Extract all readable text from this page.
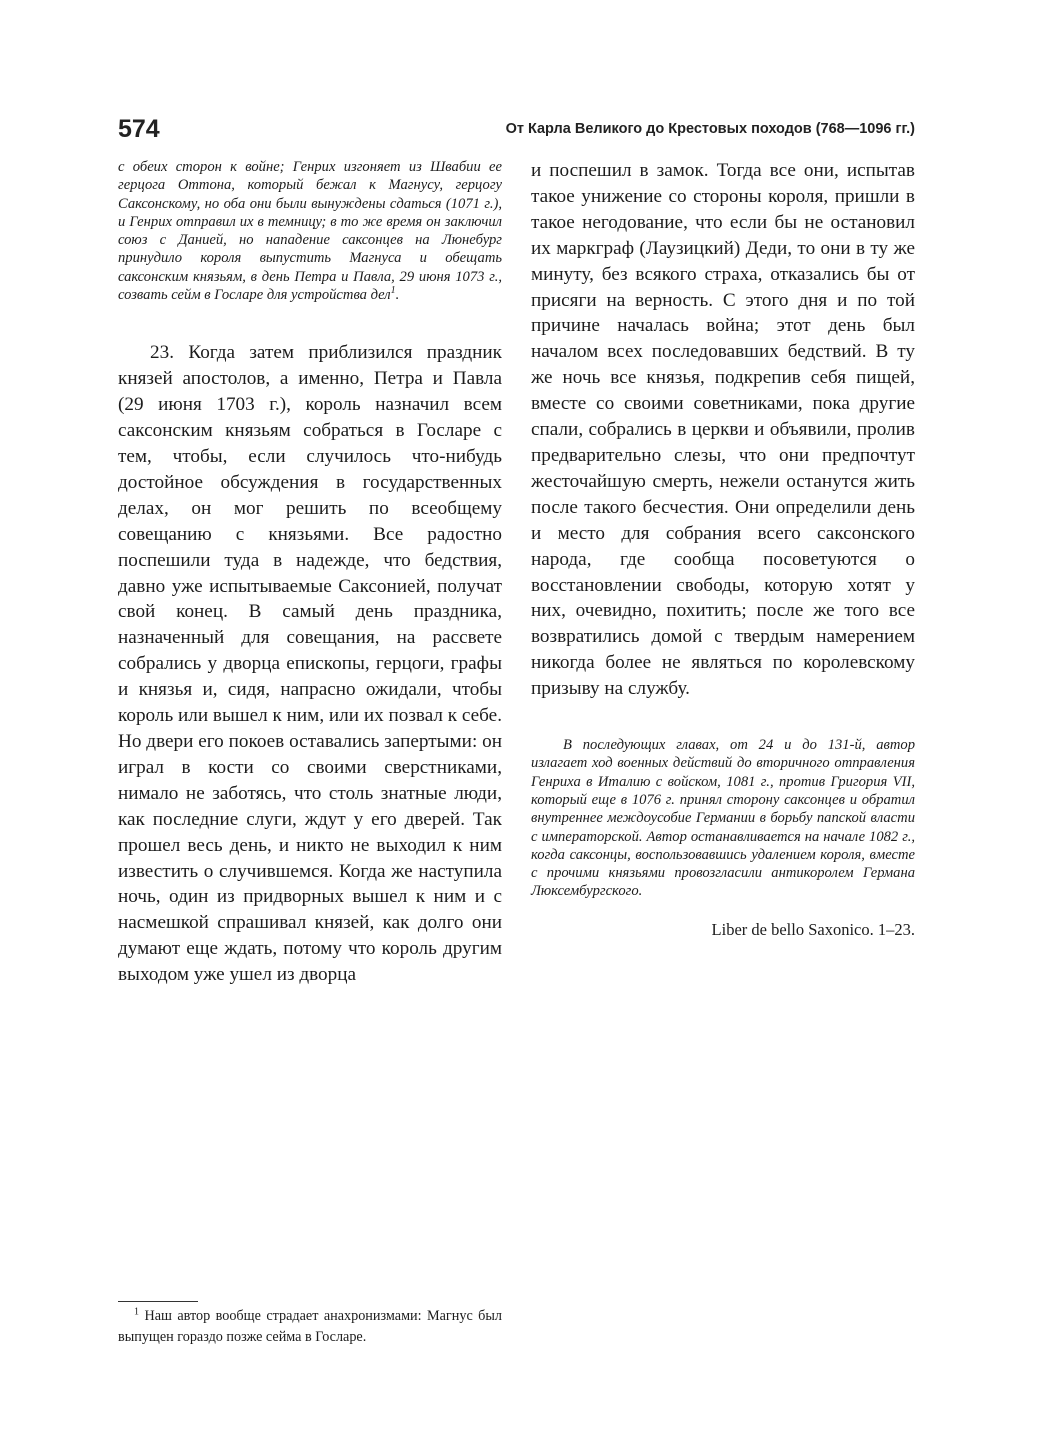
574	От Карла Великого до Крестовых походов (768—1096 гг.)

с обеих сторон к войне; Генрих изгоняет из Швабии ее герцога Оттона, который бежал к Магнусу, герцогу Саксонскому, но оба они были вынуждены сдаться (1071 г.), и Генрих отправил их в темницу; в то же время он заключил союз с Данией, но нападение саксонцев на Люнебург принудило короля выпустить Магнуса и обещать саксонским князьям, в день Петра и Павла, 29 июня 1073 г., созвать сейм в Госларе для устройства дел$^1$.

23. Когда затем приблизился праздник князей апостолов, а именно, Петра и Павла (29 июня 1703 г.), король назначил всем саксонским князьям собраться в Госларе с тем, чтобы, если случилось что-нибудь достойное обсуждения в государственных делах, он мог решить по всеобщему совещанию с князьями. Все радостно поспешили туда в надежде, что бедствия, давно уже испытываемые Саксонией, получат свой конец. В самый день праздника, назначенный для совещания, на рассвете собрались у дворца епископы, герцоги, графы и князья и, сидя, напрасно ожидали, чтобы король или вышел к ним, или их позвал к себе. Но двери его покоев оставались запертыми: он играл в кости со своими сверстниками, нимало не заботясь, что столь знатные люди, как последние слуги, ждут у его дверей. Так прошел весь день, и никто не выходил к ним известить о случившемся. Когда же наступила ночь, один из придворных вышел к ним и с насмешкой спрашивал князей, как долго они думают еще ждать, потому что король другим выходом уже ушел из дворца

и поспешил в замок. Тогда все они, испытав такое унижение со стороны короля, пришли в такое негодование, что если бы не остановил их маркграф (Лаузицкий) Деди, то они в ту же минуту, без всякого страха, отказались бы от присяги на верность. С этого дня и по той причине началась война; этот день был началом всех последовавших бедствий. В ту же ночь все князья, подкрепив себя пищей, вместе со своими советниками, пока другие спали, собрались в церкви и объявили, пролив предварительно слезы, что они предпочтут жесточайшую смерть, нежели останутся жить после такого бесчестия. Они определили день и место для собрания всего саксонского народа, где сообща посоветуются о восстановлении свободы, которую хотят у них, очевидно, похитить; после же того все возвратились домой с твердым намерением никогда более не являться по королевскому призыву на службу.

В последующих главах, от 24 и до 131-й, автор излагает ход военных действий до вторичного отправления Генриха в Италию с войском, 1081 г., против Григория VII, который еще в 1076 г. принял сторону саксонцев и обратил внутреннее междоусобие Германии в борьбу папской власти с императорской. Автор останавливается на начале 1082 г., когда саксонцы, воспользовавшись удалением короля, вместе с прочими князьями провозгласили антикоролем Германа Люксембургского.

Liber de bello Saxonico. 1–23.

$^1$ Наш автор вообще страдает анахронизмами: Магнус был выпущен гораздо позже сейма в Госларе.
